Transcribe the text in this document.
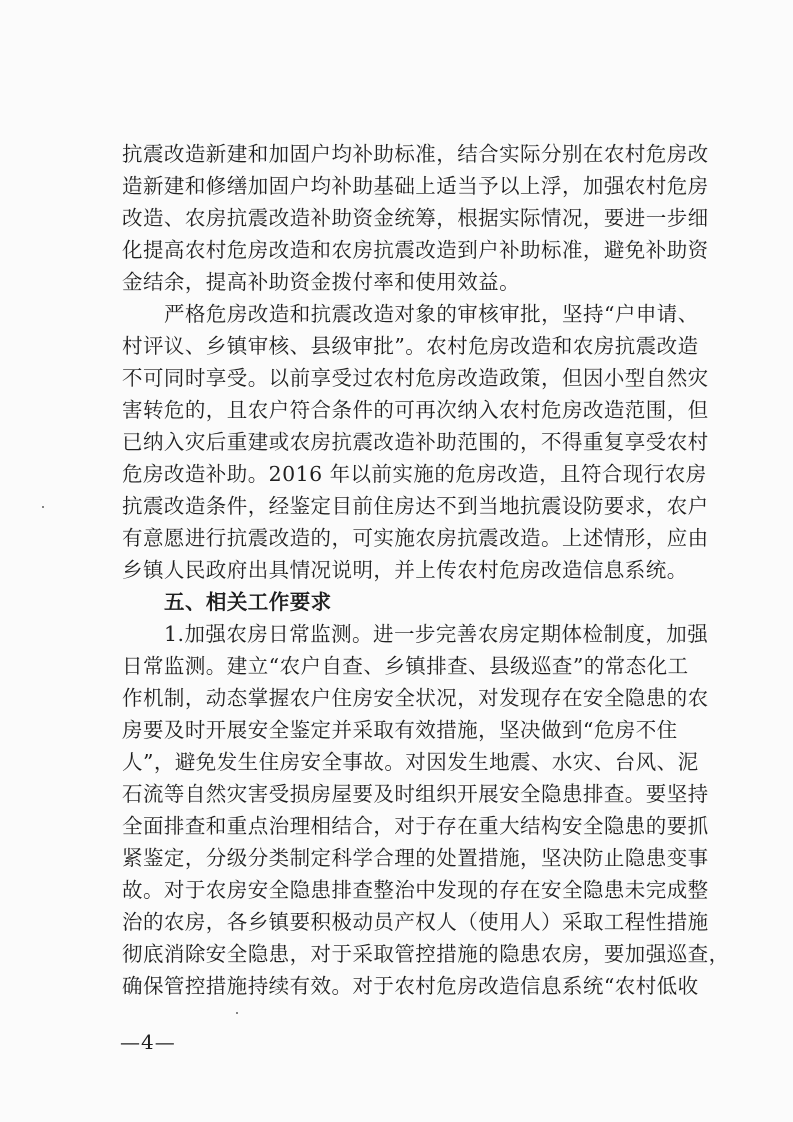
抗震改造新建和加固户均补助标准，结合实际分别在农村危房改
造新建和修缮加固户均补助基础上适当予以上浮，加强农村危房
改造、农房抗震改造补助资金统筹，根据实际情况，要进一步细
化提高农村危房改造和农房抗震改造到户补助标准，避免补助资
金结余，提高补助资金拨付率和使用效益。
严格危房改造和抗震改造对象的审核审批，坚持“户申请、
村评议、乡镇审核、县级审批”。农村危房改造和农房抗震改造
不可同时享受。以前享受过农村危房改造政策，但因小型自然灾
害转危的，且农户符合条件的可再次纳入农村危房改造范围，但
已纳入灾后重建或农房抗震改造补助范围的，不得重复享受农村
危房改造补助。2016 年以前实施的危房改造，且符合现行农房
抗震改造条件，经鉴定目前住房达不到当地抗震设防要求，农户
有意愿进行抗震改造的，可实施农房抗震改造。上述情形，应由
乡镇人民政府出具情况说明，并上传农村危房改造信息系统。
五、相关工作要求
1.加强农房日常监测。进一步完善农房定期体检制度，加强
日常监测。建立“农户自查、乡镇排查、县级巡查”的常态化工
作机制，动态掌握农户住房安全状况，对发现存在安全隐患的农
房要及时开展安全鉴定并采取有效措施，坚决做到“危房不住
人”，避免发生住房安全事故。对因发生地震、水灾、台风、泥
石流等自然灾害受损房屋要及时组织开展安全隐患排查。要坚持
全面排查和重点治理相结合，对于存在重大结构安全隐患的要抓
紧鉴定，分级分类制定科学合理的处置措施，坚决防止隐患变事
故。对于农房安全隐患排查整治中发现的存在安全隐患未完成整
治的农房，各乡镇要积极动员产权人（使用人）采取工程性措施
彻底消除安全隐患，对于采取管控措施的隐患农房，要加强巡查，
确保管控措施持续有效。对于农村危房改造信息系统“农村低收
—4—
